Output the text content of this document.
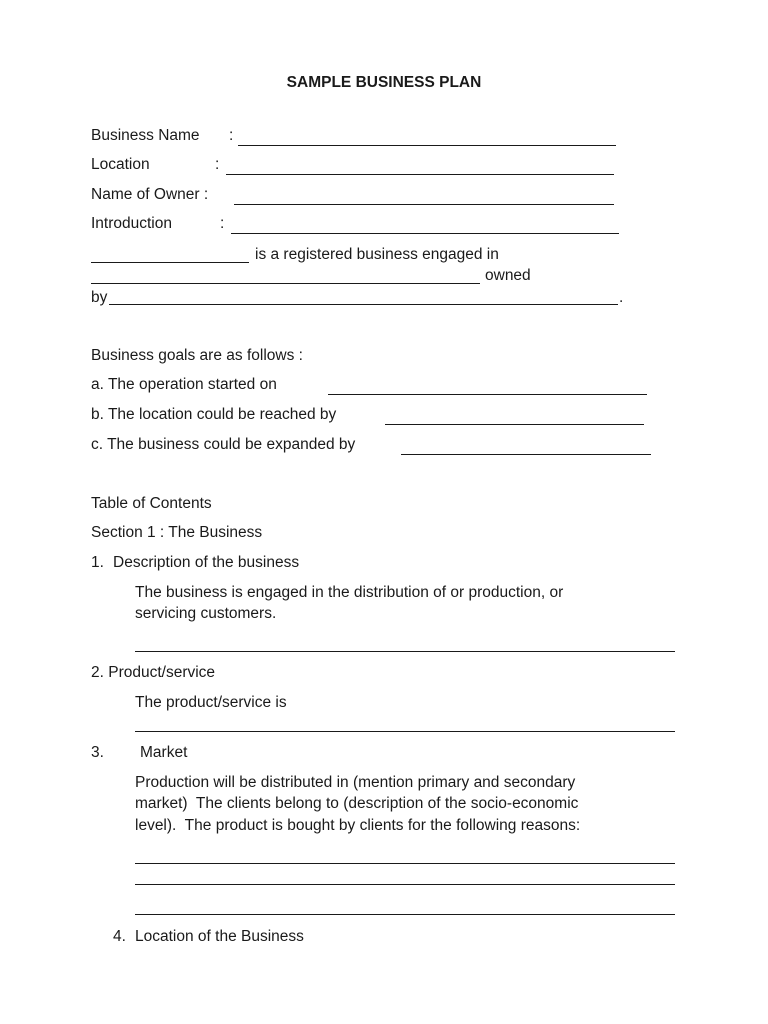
SAMPLE BUSINESS PLAN
Business Name :
Location	:
Name of Owner :
Introduction	:
is a registered business engaged in
owned
by	.
Business goals are as follows :
a. The operation started on
b. The location could be reached by
c. The business could be expanded by
Table of Contents
Section 1 : The Business
1. Description of the business
The business is engaged in the distribution of or production, or
servicing customers.
2. Product/service
The product/service is
3. Market
Production will be distributed in (mention primary and secondary
market)  The clients belong to (description of the socio-economic
level).  The product is bought by clients for the following reasons:
4. Location of the Business
